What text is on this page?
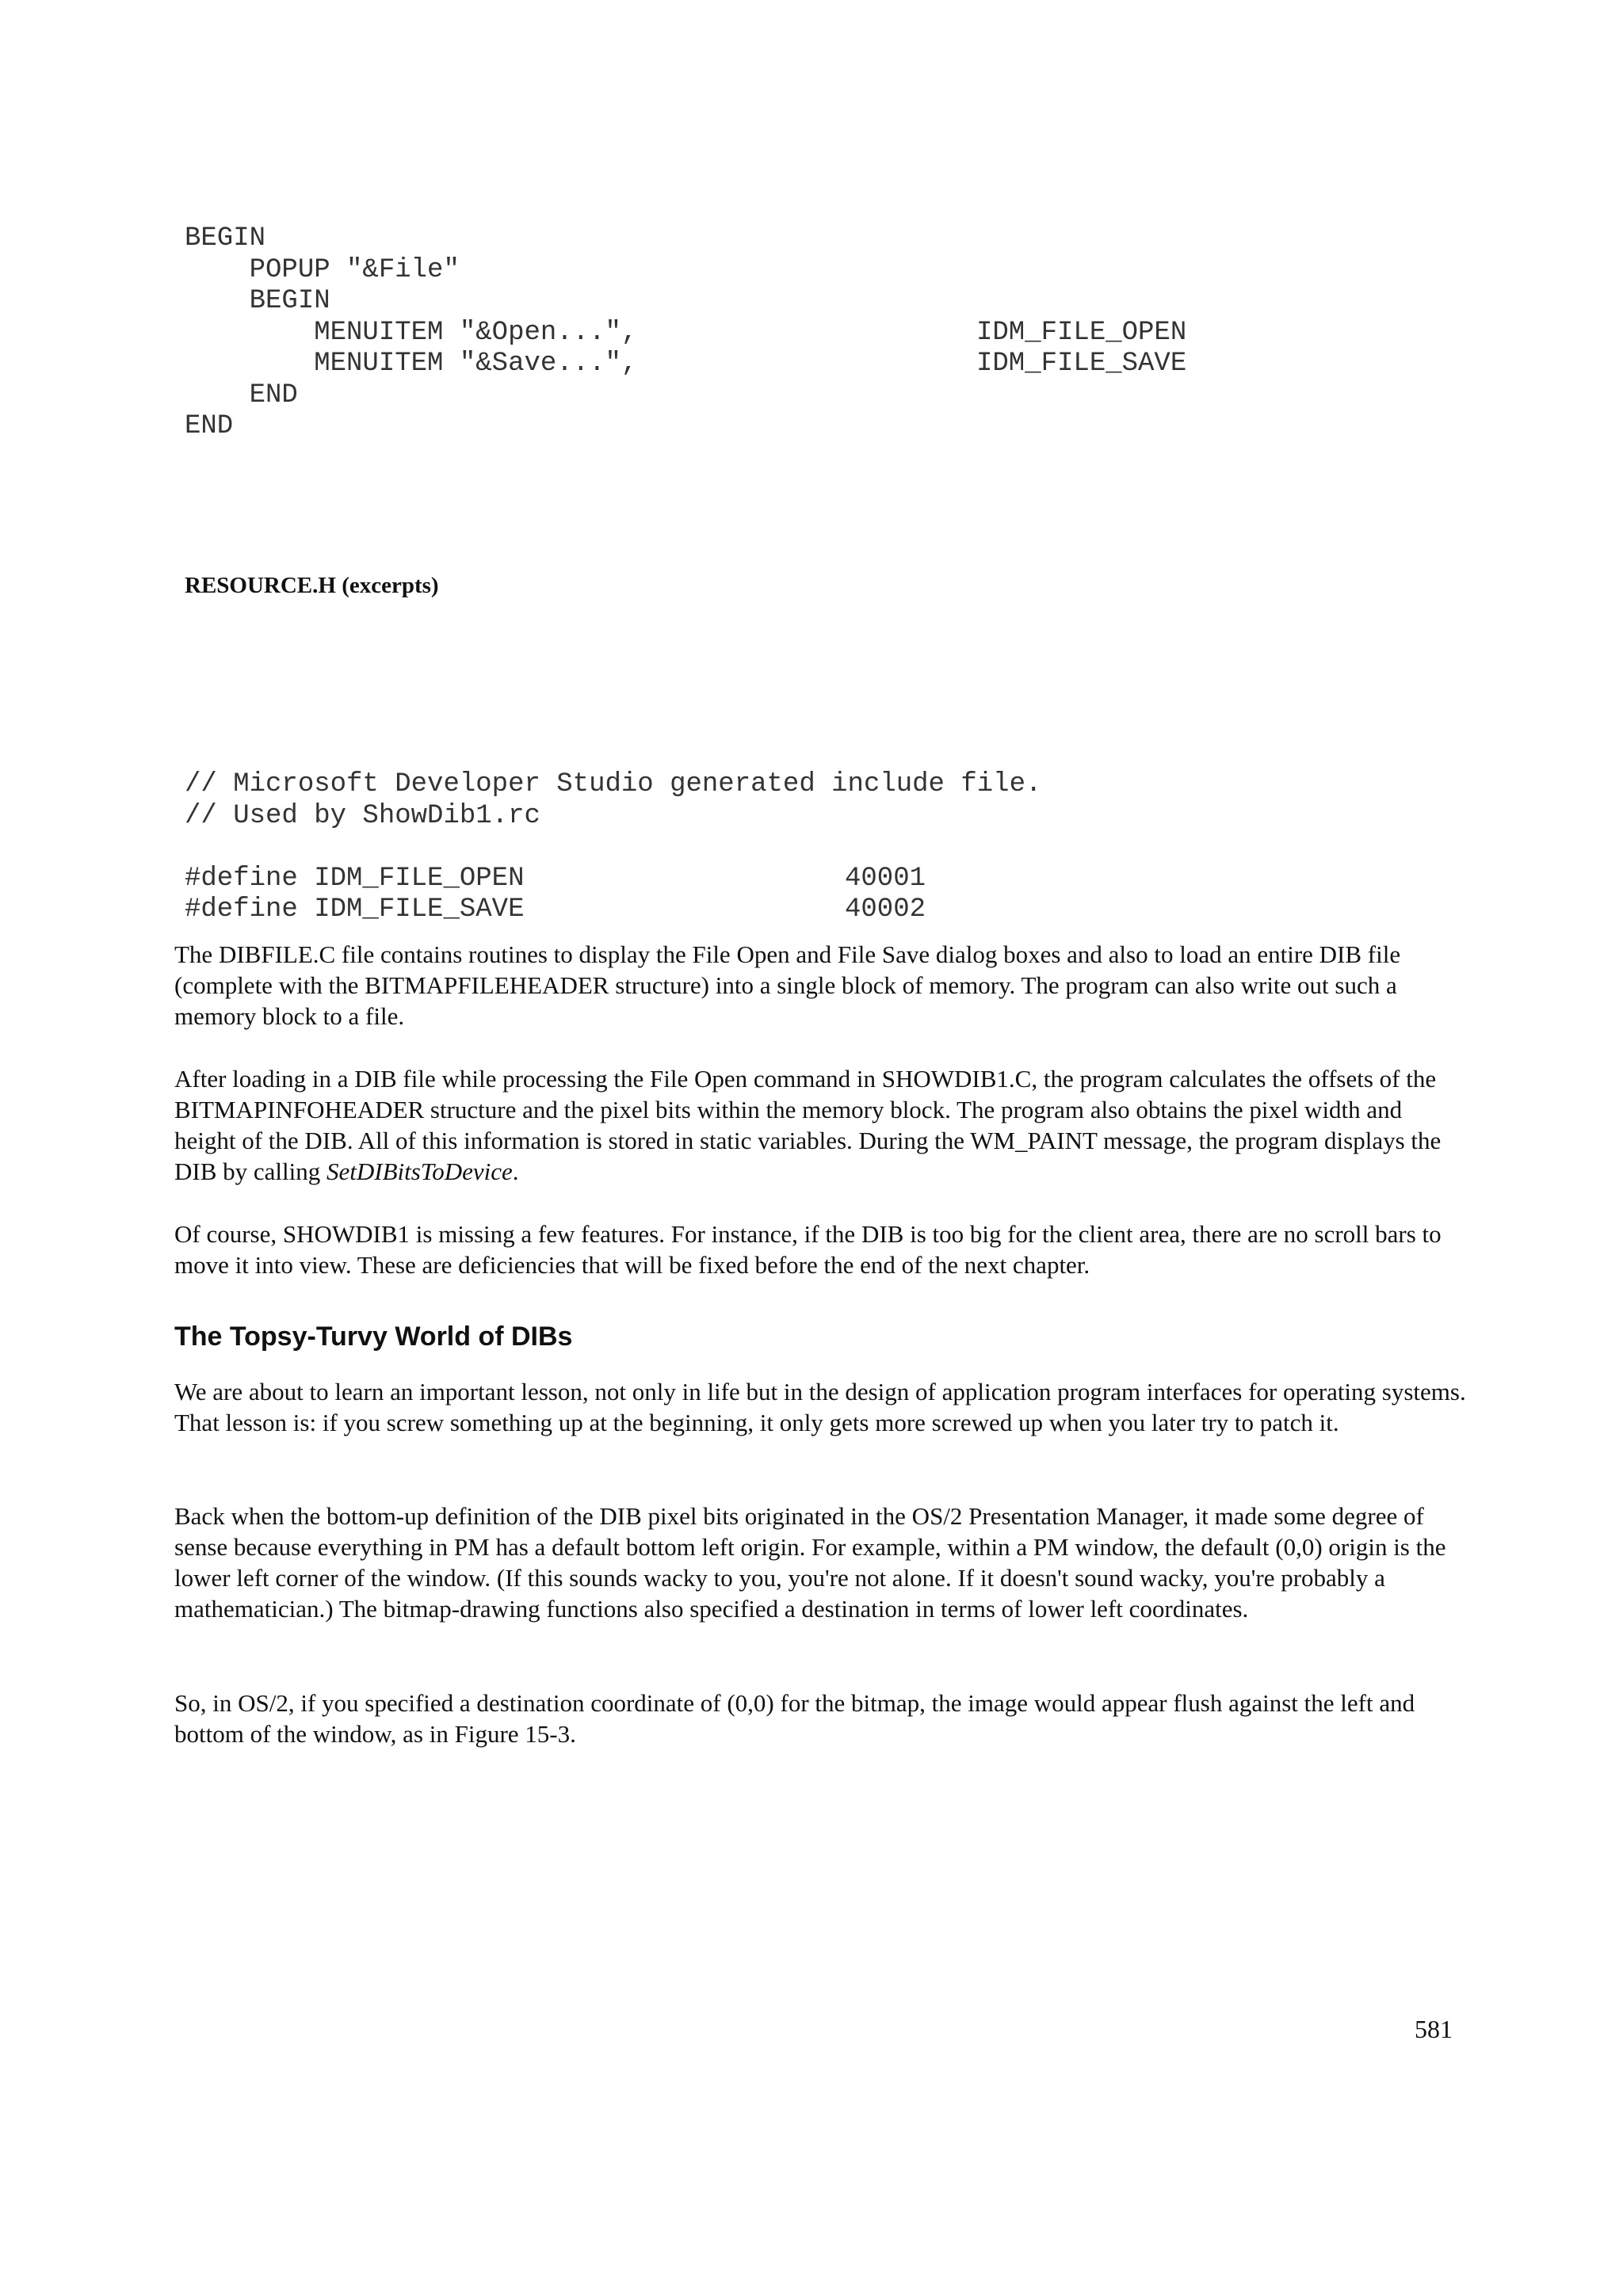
BEGIN
POPUP "&File"
BEGIN
MENUITEM "&Open...",	IDM_FILE_OPEN
MENUITEM "&Save...",	IDM_FILE_SAVE
END
END

RESOURCE.H (excerpts)

// Microsoft Developer Studio generated include file.
// Used by ShowDib1.rc
#define IDM_FILE_OPEN	40001
#define IDM_FILE_SAVE	40002

The DIBFILE.C file contains routines to display the File Open and File Save dialog boxes and also to load an entire DIB file (complete with the BITMAPFILEHEADER structure) into a single block of memory. The program can also write out such a memory block to a file.

After loading in a DIB file while processing the File Open command in SHOWDIB1.C, the program calculates the offsets of the BITMAPINFOHEADER structure and the pixel bits within the memory block. The program also obtains the pixel width and height of the DIB. All of this information is stored in static variables. During the WM_PAINT message, the program displays the DIB by calling SetDIBitsToDevice.

Of course, SHOWDIB1 is missing a few features. For instance, if the DIB is too big for the client area, there are no scroll bars to move it into view. These are deficiencies that will be fixed before the end of the next chapter.

The Topsy-Turvy World of DIBs

We are about to learn an important lesson, not only in life but in the design of application program interfaces for operating systems. That lesson is: if you screw something up at the beginning, it only gets more screwed up when you later try to patch it.

Back when the bottom-up definition of the DIB pixel bits originated in the OS/2 Presentation Manager, it made some degree of sense because everything in PM has a default bottom left origin. For example, within a PM window, the default (0,0) origin is the lower left corner of the window. (If this sounds wacky to you, you're not alone. If it doesn't sound wacky, you're probably a mathematician.) The bitmap-drawing functions also specified a destination in terms of lower left coordinates.

So, in OS/2, if you specified a destination coordinate of (0,0) for the bitmap, the image would appear flush against the left and bottom of the window, as in Figure 15-3.

581
